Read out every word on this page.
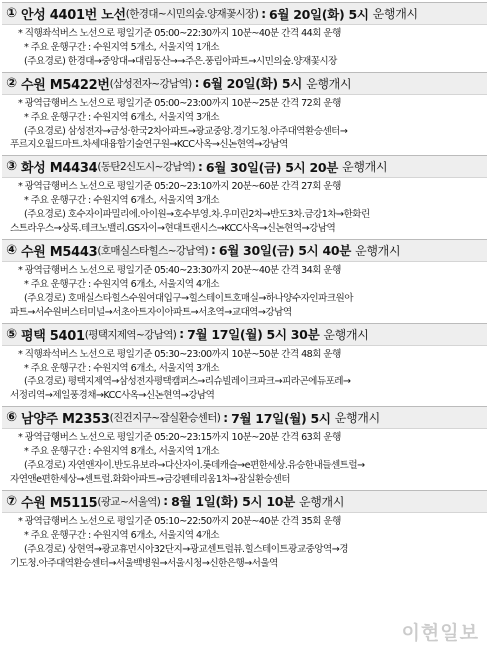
① 안성 4401번 노선 (한경대~시민의숲.양재꽃시장) : 6월 20일(화) 5시 운행개시
* 직행좌석버스 노선으로 평일기준 05:00~22:30까지 10분~40분 간격 44회 운행
* 주요 운행구간 : 수원지역 5개소, 서울지역 1개소
(주요경로) 한경대→중앙대→대림동산→→주은.풍림아파트→시민의숲.양재꽃시장
② 수원 M5422번 (삼성전자~강남역) : 6월 20일(화) 5시 운행개시
* 광역급행버스 노선으로 평일기준 05:00~23:00까지 10분~25분 간격 72회 운행
* 주요 운행구간 : 수원지역 6개소, 서울지역 3개소
(주요경로) 삼성전자→금성·한국2차아파트→광교중앙.경기도청.아주대역환승센터→
푸르지오월드마트.차세대융합기술연구원→KCC사옥→신논현역→강남역
③ 화성 M4434 (동탄2신도시~강남역) : 6월 30일(금) 5시 20분 운행개시
* 광역급행버스 노선으로 평일기준 05:20~23:10까지 20분~60분 간격 27회 운행
* 주요 운행구간 : 수원지역 6개소, 서울지역 3개소
(주요경로) 호수자이파밀리에.아이원→호수부영.차.우미린2차→반도3차.금강1차→한화린
스트라우스→상록.테크노밸리.GS자이→현대트랜시스→KCC사옥→신논현역→강남역
④ 수원 M5443 (호매실스타힐스~강남역) : 6월 30일(금) 5시 40분 운행개시
* 광역급행버스 노선으로 평일기준 05:40~23:30까지 20분~40분 간격 34회 운행
* 주요 운행구간 : 수원지역 6개소, 서울지역 4개소
(주요경로) 호매실스타힐스수원여대입구→힐스테이트호매실→하나양수자인파크원아
파트→서수원버스터미널→서초아트자이아파트→서초역→교대역→강남역
⑤ 평택 5401 (평택지제역~강남역) : 7월 17일(월) 5시 30분 운행개시
* 직행좌석버스 노선으로 평일기준 05:30~23:00까지 10분~50분 간격 48회 운행
* 주요 운행구간 : 수원지역 6개소, 서울지역 3개소
(주요경로) 평택지제역→삼성전자평택캠퍼스→리슈빌레이크파크→피라곤에듀포레→
서정리역→제일풍경채→KCC사옥→신논현역→강남역
⑥ 남양주 M2353 (진건지구~잠실환승센터) : 7월 17일(월) 5시 운행개시
* 광역급행버스 노선으로 평일기준 05:20~23:15까지 10분~20분 간격 63회 운행
* 주요 운행구간 : 수원지역 8개소, 서울지역 1개소
(주요경로) 자연앤자이.반도유보라→다산자이.롯데캐슬→e편한세상.유승한내들센트럴→
자연앤e편한세상→센트럴.화화아파트→금강펜테리움1차→잠실환승센터
⑦ 수원 M5115 (광교~서울역) : 8월 1일(화) 5시 10분 운행개시
* 광역급행버스 노선으로 평일기준 05:10~22:50까지 20분~40분 간격 35회 운행
* 주요 운행구간 : 수원지역 6개소, 서울지역 4개소
(주요경로) 상현역→광교휴먼시아32단지→광교센트럴뷰.힐스테이트광교중앙역→경
기도청.아주대역환승센터→서울백병원→서울시청→신한은행→서울역
이현일보
